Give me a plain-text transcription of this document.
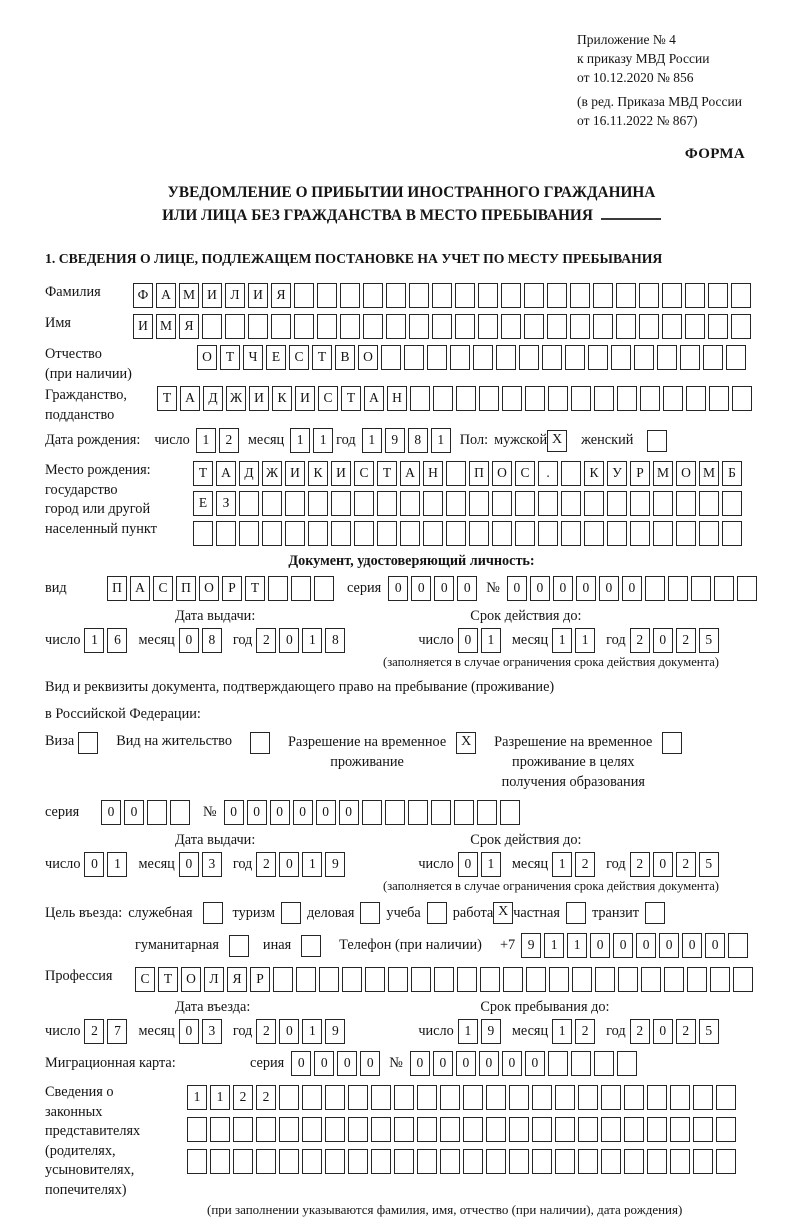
Приложение № 4
к приказу МВД России
от 10.12.2020 № 856
(в ред. Приказа МВД России
от 16.11.2022 № 867)
ФОРМА
УВЕДОМЛЕНИЕ О ПРИБЫТИИ ИНОСТРАННОГО ГРАЖДАНИНА
ИЛИ ЛИЦА БЕЗ ГРАЖДАНСТВА В МЕСТО ПРЕБЫВАНИЯ
1. СВЕДЕНИЯ О ЛИЦЕ, ПОДЛЕЖАЩЕМ ПОСТАНОВКЕ НА УЧЕТ ПО МЕСТУ ПРЕБЫВАНИЯ
Фамилия	Ф А М И Л И Я
Имя	И М Я
Отчество
(при наличии)
О Т Ч Е С Т В О
Гражданство,
подданство
Т А Д Ж И К И С Т А Н
Дата рождения: число 1 2	месяц 1 1 год 1 9 8 1	Пол: мужской X	женский
Место рождения:
государство
город или другой
населенный пункт
Т А Д Ж И К И С Т А Н	П О С .	К У Р М О М Б
Е З
Документ, удостоверяющий личность:
вид	П А С П О Р Т	серия	0 0 0 0	№	0 0 0 0 0 0
Дата выдачи:	Срок действия до:
число 1 6	месяц 0 8	год 2 0 1 8	число 0 1	месяц 1 1	год 2 0 2 5
(заполняется в случае ограничения срока действия документа)
Вид и реквизиты документа, подтверждающего право на пребывание (проживание)
в Российской Федерации:
Виза	Вид на жительство	Разрешение на временное
проживание
X	Разрешение на временное
проживание в целях
получения образования
серия	0 0	№	0 0 0 0 0 0
Дата выдачи:	Срок действия до:
число 0 1	месяц 0 3	год 2 0 1 9	число 0 1	месяц 1 2	год 2 0 2 5
(заполняется в случае ограничения срока действия документа)
Цель въезда: служебная	туризм деловая учеба работа X частная транзит
гуманитарная	иная	Телефон (при наличии) +7 9 1 1 0 0 0 0 0 0
Профессия	С Т О Л Я Р
Дата въезда:	Срок пребывания до:
число 2 7	месяц 0 3	год 2 0 1 9	число 1 9	месяц 1 2	год 2 0 2 5
Миграционная карта:	серия	0 0 0 0	№	0 0 0 0 0 0
Сведения о
законных
представителях
(родителях,
усыновителях,
попечителях)
1 1 2 2
(при заполнении указываются фамилия, имя, отчество (при наличии), дата рождения)
